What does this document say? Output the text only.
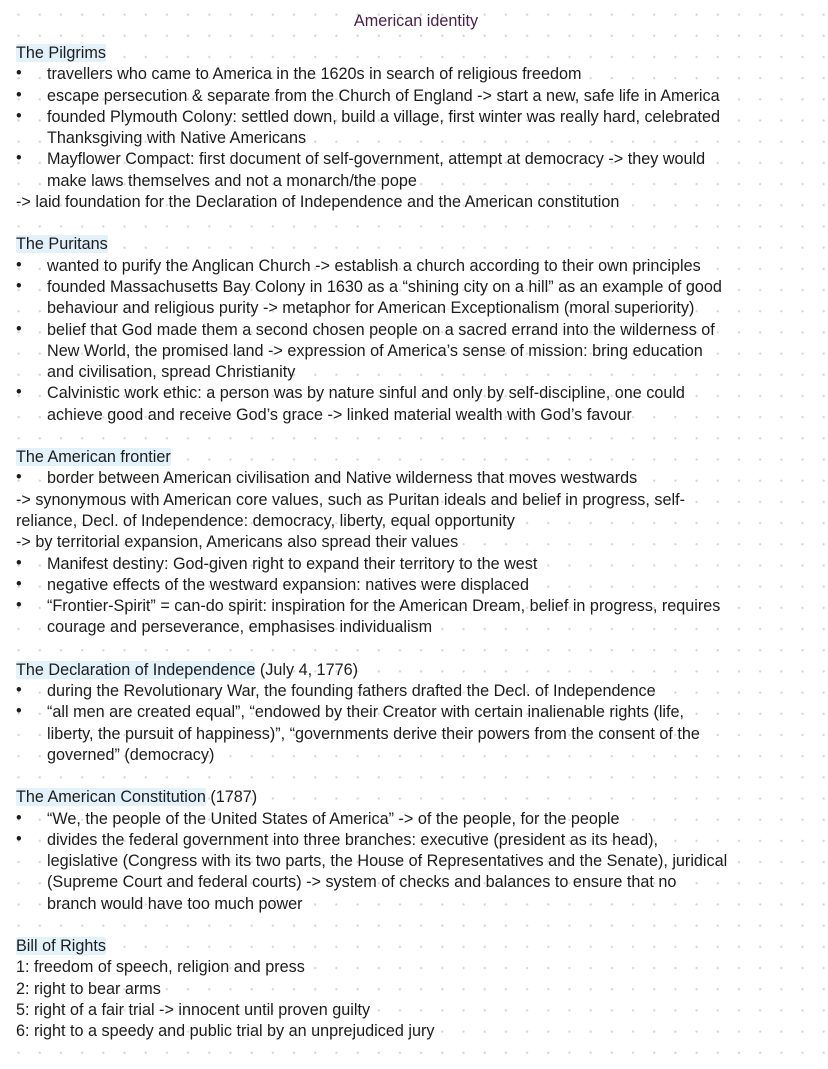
American identity
The Pilgrims
•	travellers who came to America in the 1620s in search of religious freedom
•	escape persecution & separate from the Church of England -> start a new, safe life in America
•	founded Plymouth Colony: settled down, build a village, first winter was really hard, celebrated
Thanksgiving with Native Americans
•	Mayflower Compact: first document of self-government, attempt at democracy -> they would
make laws themselves and not a monarch/the pope
-> laid foundation for the Declaration of Independence and the American constitution
The Puritans
•	wanted to purify the Anglican Church -> establish a church according to their own principles
•	founded Massachusetts Bay Colony in 1630 as a “shining city on a hill” as an example of good
behaviour and religious purity -> metaphor for American Exceptionalism (moral superiority)
•	belief that God made them a second chosen people on a sacred errand into the wilderness of
New World, the promised land -> expression of America’s sense of mission: bring education
and civilisation, spread Christianity
•	Calvinistic work ethic: a person was by nature sinful and only by self-discipline, one could
achieve good and receive God’s grace -> linked material wealth with God’s favour
The American frontier
•	border between American civilisation and Native wilderness that moves westwards
-> synonymous with American core values, such as Puritan ideals and belief in progress, self-
reliance, Decl. of Independence: democracy, liberty, equal opportunity
-> by territorial expansion, Americans also spread their values
•	Manifest destiny: God-given right to expand their territory to the west
•	negative effects of the westward expansion: natives were displaced
•	“Frontier-Spirit” = can-do spirit: inspiration for the American Dream, belief in progress, requires
courage and perseverance, emphasises individualism
The Declaration of Independence (July 4, 1776)
•	during the Revolutionary War, the founding fathers drafted the Decl. of Independence
•	“all men are created equal”, “endowed by their Creator with certain inalienable rights (life,
liberty, the pursuit of happiness)”, “governments derive their powers from the consent of the
governed” (democracy)
The American Constitution (1787)
•	“We, the people of the United States of America” -> of the people, for the people
•	divides the federal government into three branches: executive (president as its head),
legislative (Congress with its two parts, the House of Representatives and the Senate), juridical
(Supreme Court and federal courts) -> system of checks and balances to ensure that no
branch would have too much power
Bill of Rights
1: freedom of speech, religion and press
2: right to bear arms
5: right of a fair trial -> innocent until proven guilty
6: right to a speedy and public trial by an unprejudiced jury
